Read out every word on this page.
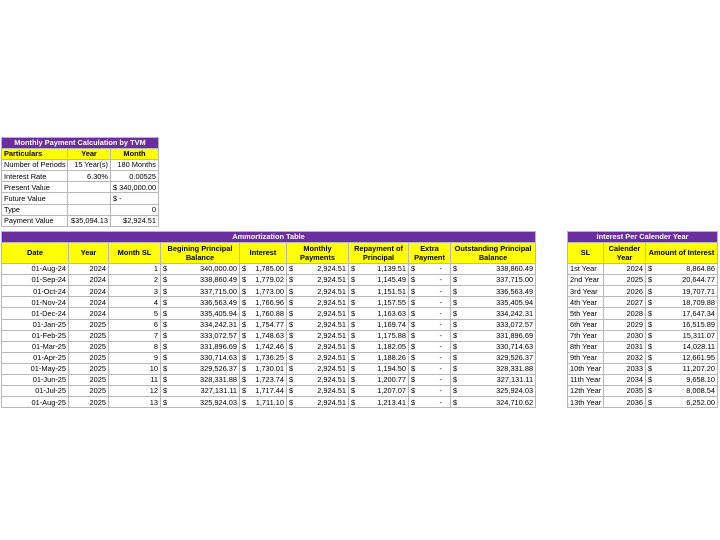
Monthly Payment Calculation by TVM		
Particulars	Year	Month
Number of Periods	15 Year(s)	180 Months
Interest Rate	6.30%	0.00525
Present Value		$ 340,000.00
Future Value		$ -
Type		0
Payment Value	$35,094.13	$2,924.51
Ammortization Table								
Date	Year	Month SL	Begining Principal Balance	Interest	Monthly Payments	Repayment of Principal	Extra Payment	Outstanding Principal Balance
01-Aug-24	2024	1	$ 340,000.00	$ 1,785.00	$ 2,924.51	$ 1,139.51	$ -	$ 338,860.49

01-Sep-24	2024	2	$ 338,860.49	$ 1,779.02	$ 2,924.51	$ 1,145.49	$ -	$ 337,715.00

01-Oct-24	2024	3	$ 337,715.00	$ 1,773.00	$ 2,924.51	$ 1,151.51	$ -	$ 336,563.49

01-Nov-24	2024	4	$ 336,563.49	$ 1,766.96	$ 2,924.51	$ 1,157.55	$ -	$ 335,405.94

01-Dec-24	2024	5	$ 335,405.94	$ 1,760.88	$ 2,924.51	$ 1,163.63	$ -	$ 334,242.31

01-Jan-25	2025	6	$ 334,242.31	$ 1,754.77	$ 2,924.51	$ 1,169.74	$ -	$ 333,072.57

01-Feb-25	2025	7	$ 333,072.57	$ 1,748.63	$ 2,924.51	$ 1,175.88	$ -	$ 331,896.69

01-Mar-25	2025	8	$ 331,896.69	$ 1,742.46	$ 2,924.51	$ 1,182.05	$ -	$ 330,714.63

01-Apr-25	2025	9	$ 330,714.63	$ 1,736.25	$ 2,924.51	$ 1,188.26	$ -	$ 329,526.37

01-May-25	2025	10	$ 329,526.37	$ 1,730.01	$ 2,924.51	$ 1,194.50	$ -	$ 328,331.88

01-Jun-25	2025	11	$ 328,331.88	$ 1,723.74	$ 2,924.51	$ 1,200.77	$ -	$ 327,131.11

01-Jul-25	2025	12	$ 327,131.11	$ 1,717.44	$ 2,924.51	$ 1,207.07	$ -	$ 325,924.03

01-Aug-25	2025	13	$ 325,924.03	$ 1,711.10	$ 2,924.51	$ 1,213.41	$ -	$ 324,710.62
Interest Per Calender Year		
SL	Calender Year	Amount of Interest
1st Year	2024	$ 8,864.86

2nd Year	2025	$ 20,644.77

3rd Year	2026	$ 19,707.71

4th Year	2027	$ 18,709.88

5th Year	2028	$ 17,647.34

6th Year	2029	$ 16,515.89

7th Year	2030	$ 15,311.07

8th Year	2031	$ 14,028.11

9th Year	2032	$ 12,661.95

10th Year	2033	$ 11,207.20

11th Year	2034	$ 9,658.10

12th Year	2035	$ 8,008.54

13th Year	2036	$ 6,252.00
